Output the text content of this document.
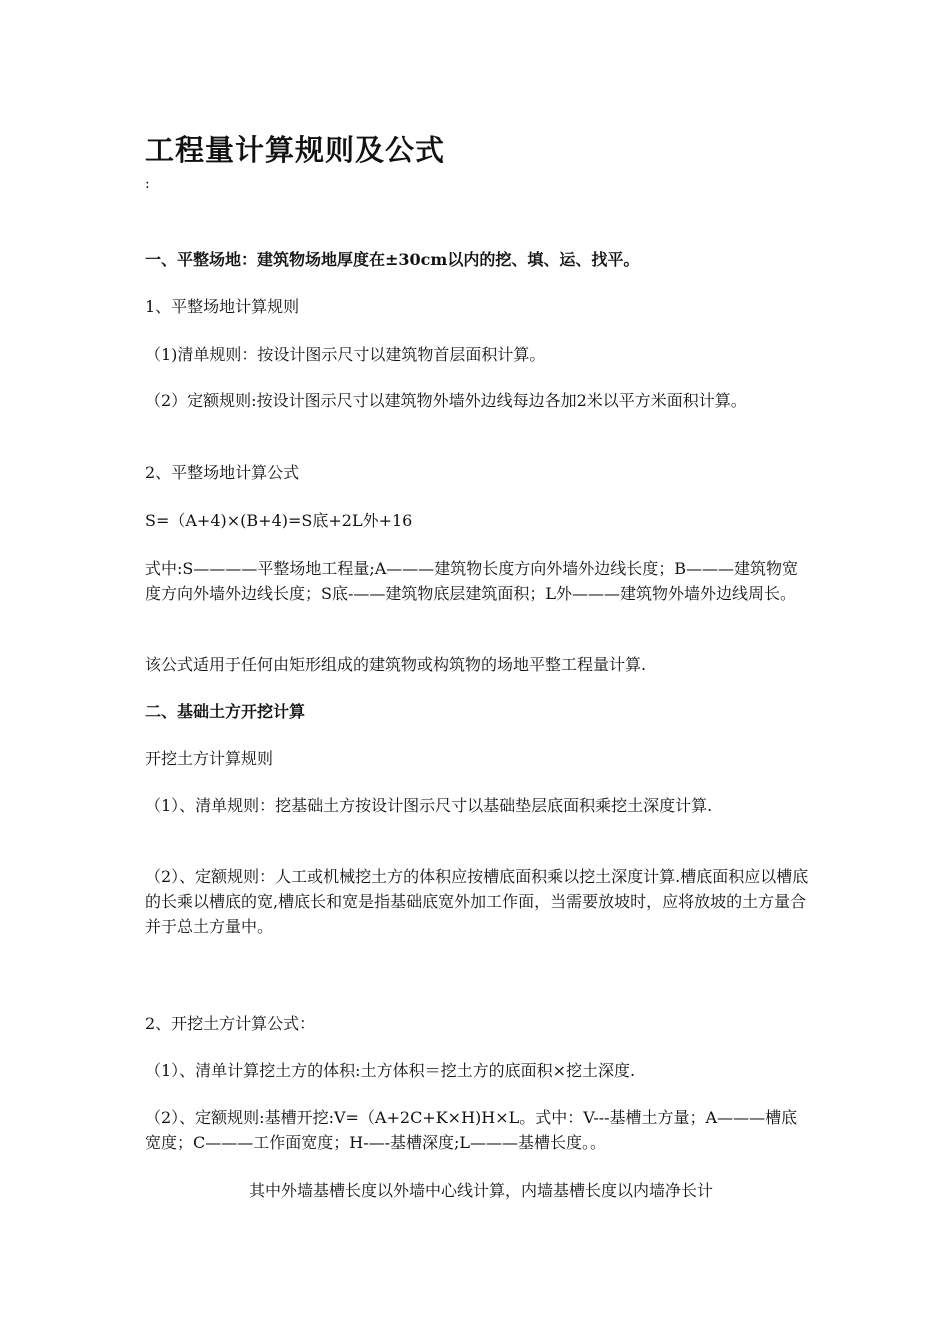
工程量计算规则及公式
:
一、平整场地：建筑物场地厚度在±30cm以内的挖、填、运、找平。
1、平整场地计算规则
（1)清单规则：按设计图示尺寸以建筑物首层面积计算。
（2）定额规则:按设计图示尺寸以建筑物外墙外边线每边各加2米以平方米面积计算。
2、平整场地计算公式
S=（A+4)×(B+4)=S底+2L外+16
式中:S————平整场地工程量;A———建筑物长度方向外墙外边线长度；B———建筑物宽度方向外墙外边线长度；S底-——建筑物底层建筑面积；L外———建筑物外墙外边线周长。
该公式适用于任何由矩形组成的建筑物或构筑物的场地平整工程量计算.
二、基础土方开挖计算
开挖土方计算规则
（1）、清单规则：挖基础土方按设计图示尺寸以基础垫层底面积乘挖土深度计算.
（2）、定额规则：人工或机械挖土方的体积应按槽底面积乘以挖土深度计算.槽底面积应以槽底的长乘以槽底的宽,槽底长和宽是指基础底宽外加工作面，当需要放坡时，应将放坡的土方量合并于总土方量中。
2、开挖土方计算公式：
（1）、清单计算挖土方的体积:土方体积＝挖土方的底面积×挖土深度.
（2）、定额规则:基槽开挖:V=（A+2C+K×H)H×L。式中：V---基槽土方量；A———槽底宽度；C———工作面宽度；H-—-基槽深度;L———基槽长度。。
其中外墙基槽长度以外墙中心线计算，内墙基槽长度以内墙净长计
